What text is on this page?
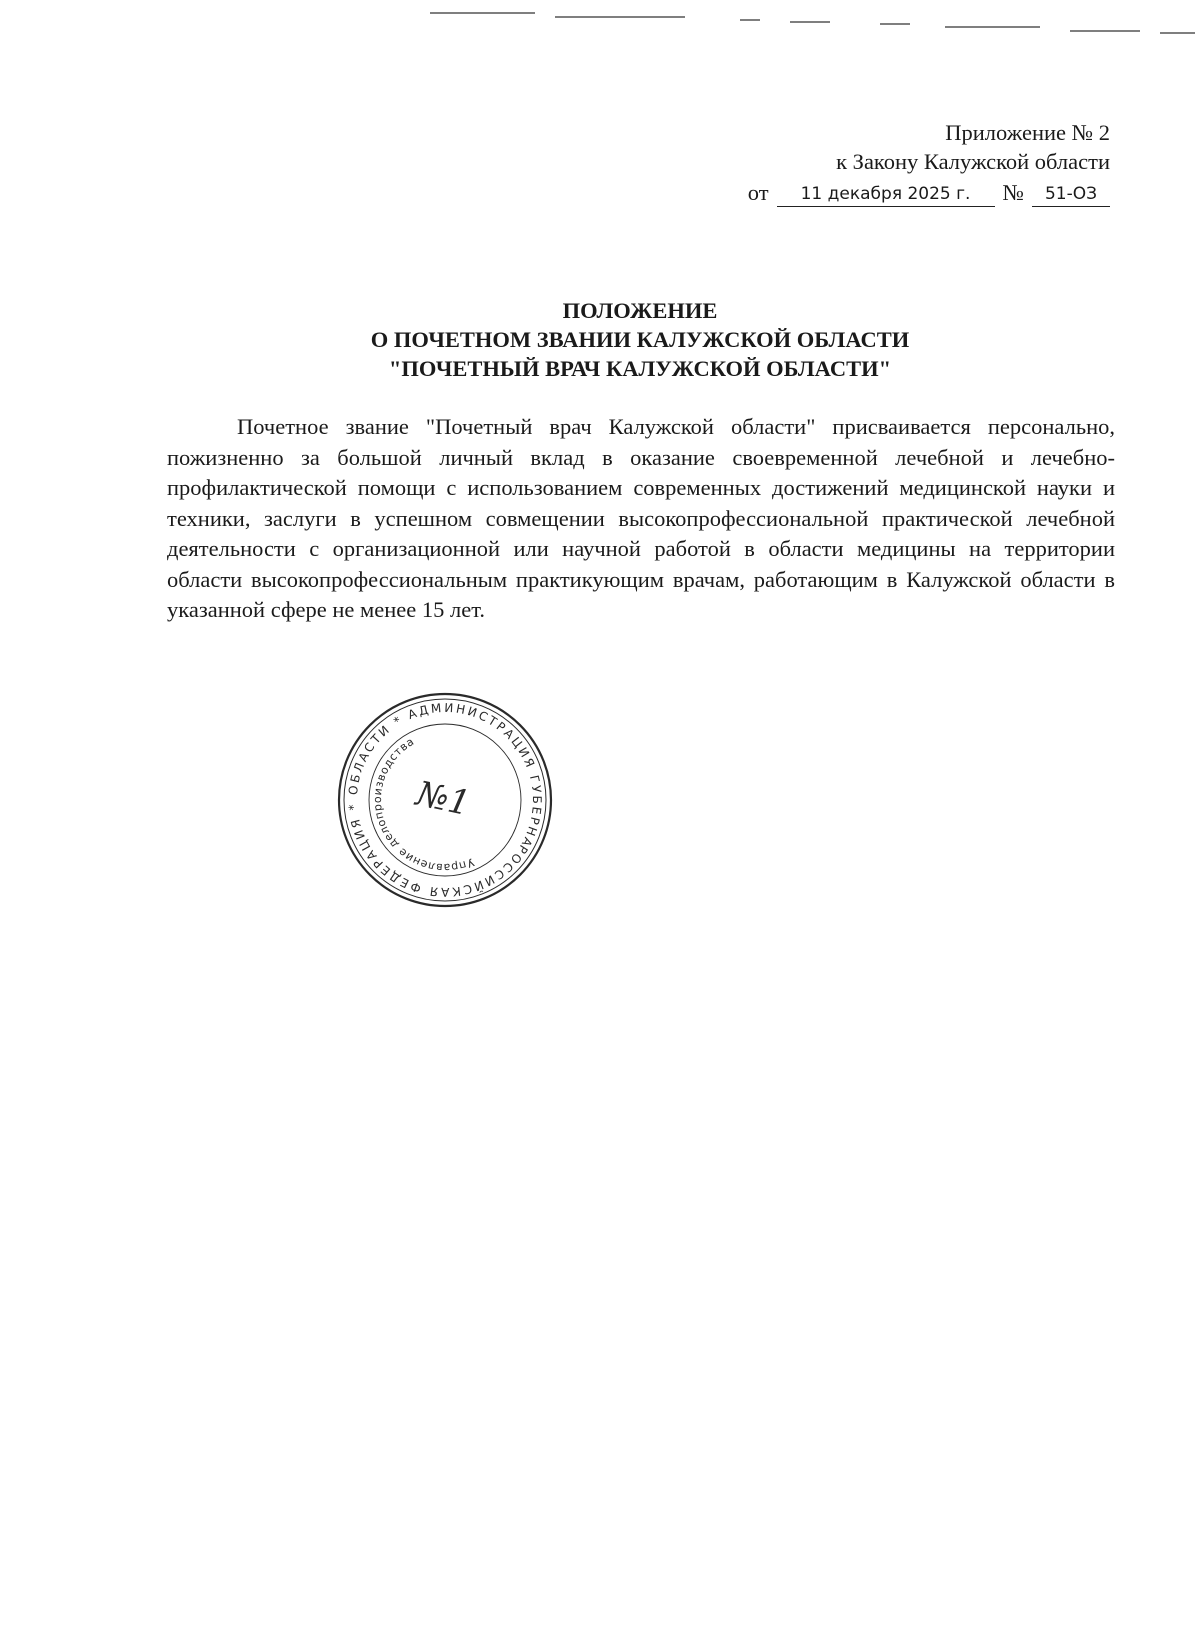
Приложение № 2
к Закону Калужской области
от	11 декабря 2025 г.	№	51-ОЗ
ПОЛОЖЕНИЕ
О ПОЧЕТНОМ ЗВАНИИ КАЛУЖСКОЙ ОБЛАСТИ
"ПОЧЕТНЫЙ ВРАЧ КАЛУЖСКОЙ ОБЛАСТИ"

Почетное звание "Почетный врач Калужской области" присваивается персонально, пожизненно за большой личный вклад в оказание своевременной лечебной и лечебно-профилактической помощи с использованием современных достижений медицинской науки и техники, заслуги в успешном совмещении высокопрофессиональной практической лечебной деятельности с организационной или научной работой в области медицины на территории области высокопрофессиональным практикующим врачам, работающим в Калужской области в указанной сфере не менее 15 лет.

РОССИЙСКАЯ ФЕДЕРАЦИЯ * ОБЛАСТИ * АДМИНИСТРАЦИЯ ГУБЕРНАТОРА
Управление делопроизводства
№1
